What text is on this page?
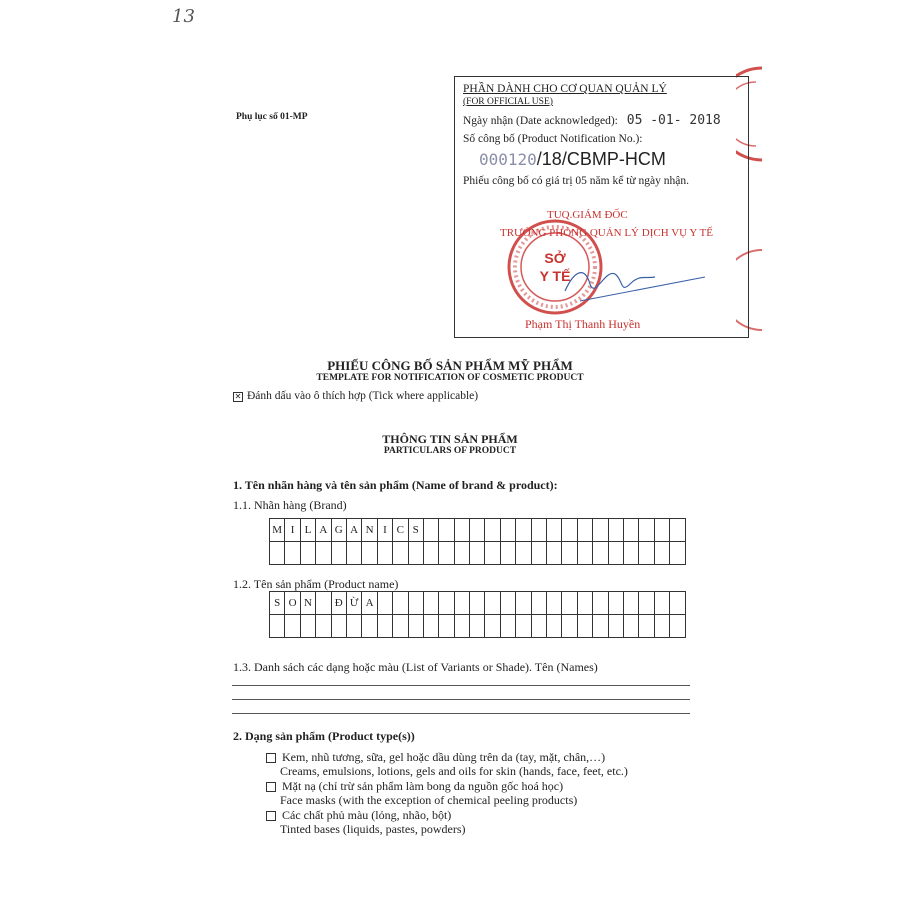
13
Phụ lục số 01-MP
PHẦN DÀNH CHO CƠ QUAN QUẢN LÝ
(FOR OFFICIAL USE)
Ngày nhận (Date acknowledged): 05 -01- 2018
Số công bố (Product Notification No.):
000120/18/CBMP-HCM
Phiếu công bố có giá trị 05 năm kể từ ngày nhận.
TUQ.GIÁM ĐỐC
TRƯỞNG PHÒNG QUẢN LÝ DỊCH VỤ Y TẾ
SỞ
Y TẾ
Phạm Thị Thanh Huyền
PHIẾU CÔNG BỐ SẢN PHẨM MỸ PHẨM
TEMPLATE FOR NOTIFICATION OF COSMETIC PRODUCT
✕ Đánh dấu vào ô thích hợp (Tick where applicable)
THÔNG TIN SẢN PHẨM
PARTICULARS OF PRODUCT
1. Tên nhãn hàng và tên sản phẩm (Name of brand & product):
1.1. Nhãn hàng (Brand)
M	I	L	A	G	A	N	I	C	S																	

1.2. Tên sản phẩm (Product name)
S	O	N		Đ	Ừ	A																				

1.3. Danh sách các dạng hoặc màu (List of Variants or Shade). Tên (Names)
2. Dạng sản phẩm (Product type(s))
Kem, nhũ tương, sữa, gel hoặc dầu dùng trên da (tay, mặt, chân,…)
Creams, emulsions, lotions, gels and oils for skin (hands, face, feet, etc.)
Mặt nạ (chỉ trừ sản phẩm làm bong da nguồn gốc hoá học)
Face masks (with the exception of chemical peeling products)
Các chất phủ màu (lỏng, nhão, bột)
Tinted bases (liquids, pastes, powders)
